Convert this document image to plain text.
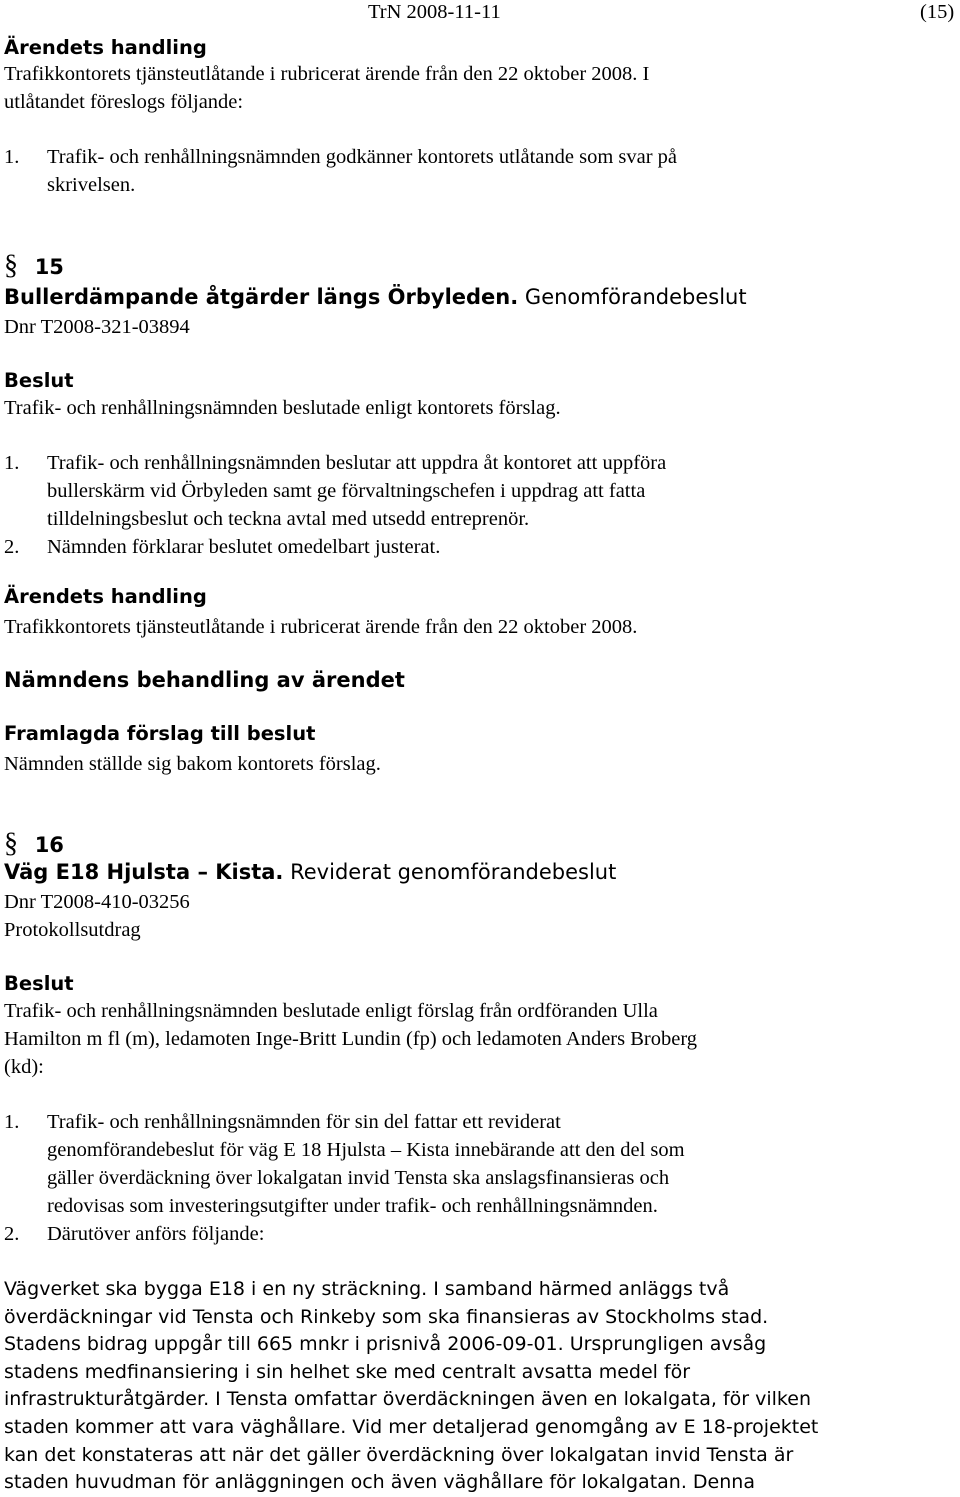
TrN 2008-11-11	(15)
Ärendets handling
Trafikkontorets tjänsteutlåtande i rubricerat ärende från den 22 oktober 2008. I
utlåtandet föreslogs följande:
1. Trafik- och renhållningsnämnden godkänner kontorets utlåtande som svar på
skrivelsen.
§ 15
Bullerdämpande åtgärder längs Örbyleden. Genomförandebeslut
Dnr T2008-321-03894
Beslut
Trafik- och renhållningsnämnden beslutade enligt kontorets förslag.
1. Trafik- och renhållningsnämnden beslutar att uppdra åt kontoret att uppföra
bullerskärm vid Örbyleden samt ge förvaltningschefen i uppdrag att fatta
tilldelningsbeslut och teckna avtal med utsedd entreprenör.
2. Nämnden förklarar beslutet omedelbart justerat.
Ärendets handling
Trafikkontorets tjänsteutlåtande i rubricerat ärende från den 22 oktober 2008.
Nämndens behandling av ärendet
Framlagda förslag till beslut
Nämnden ställde sig bakom kontorets förslag.
§ 16
Väg E18 Hjulsta – Kista. Reviderat genomförandebeslut
Dnr T2008-410-03256
Protokollsutdrag
Beslut
Trafik- och renhållningsnämnden beslutade enligt förslag från ordföranden Ulla
Hamilton m fl (m), ledamoten Inge-Britt Lundin (fp) och ledamoten Anders Broberg
(kd):
1. Trafik- och renhållningsnämnden för sin del fattar ett reviderat
genomförandebeslut för väg E 18 Hjulsta – Kista innebärande att den del som
gäller överdäckning över lokalgatan invid Tensta ska anslagsfinansieras och
redovisas som investeringsutgifter under trafik- och renhållningsnämnden.
2. Därutöver anförs följande:
Vägverket ska bygga E18 i en ny sträckning. I samband härmed anläggs två
överdäckningar vid Tensta och Rinkeby som ska finansieras av Stockholms stad.
Stadens bidrag uppgår till 665 mnkr i prisnivå 2006-09-01. Ursprungligen avsåg
stadens medfinansiering i sin helhet ske med centralt avsatta medel för
infrastrukturåtgärder. I Tensta omfattar överdäckningen även en lokalgata, för vilken
staden kommer att vara väghållare. Vid mer detaljerad genomgång av E 18-projektet
kan det konstateras att när det gäller överdäckning över lokalgatan invid Tensta är
staden huvudman för anläggningen och även väghållare för lokalgatan. Denna
